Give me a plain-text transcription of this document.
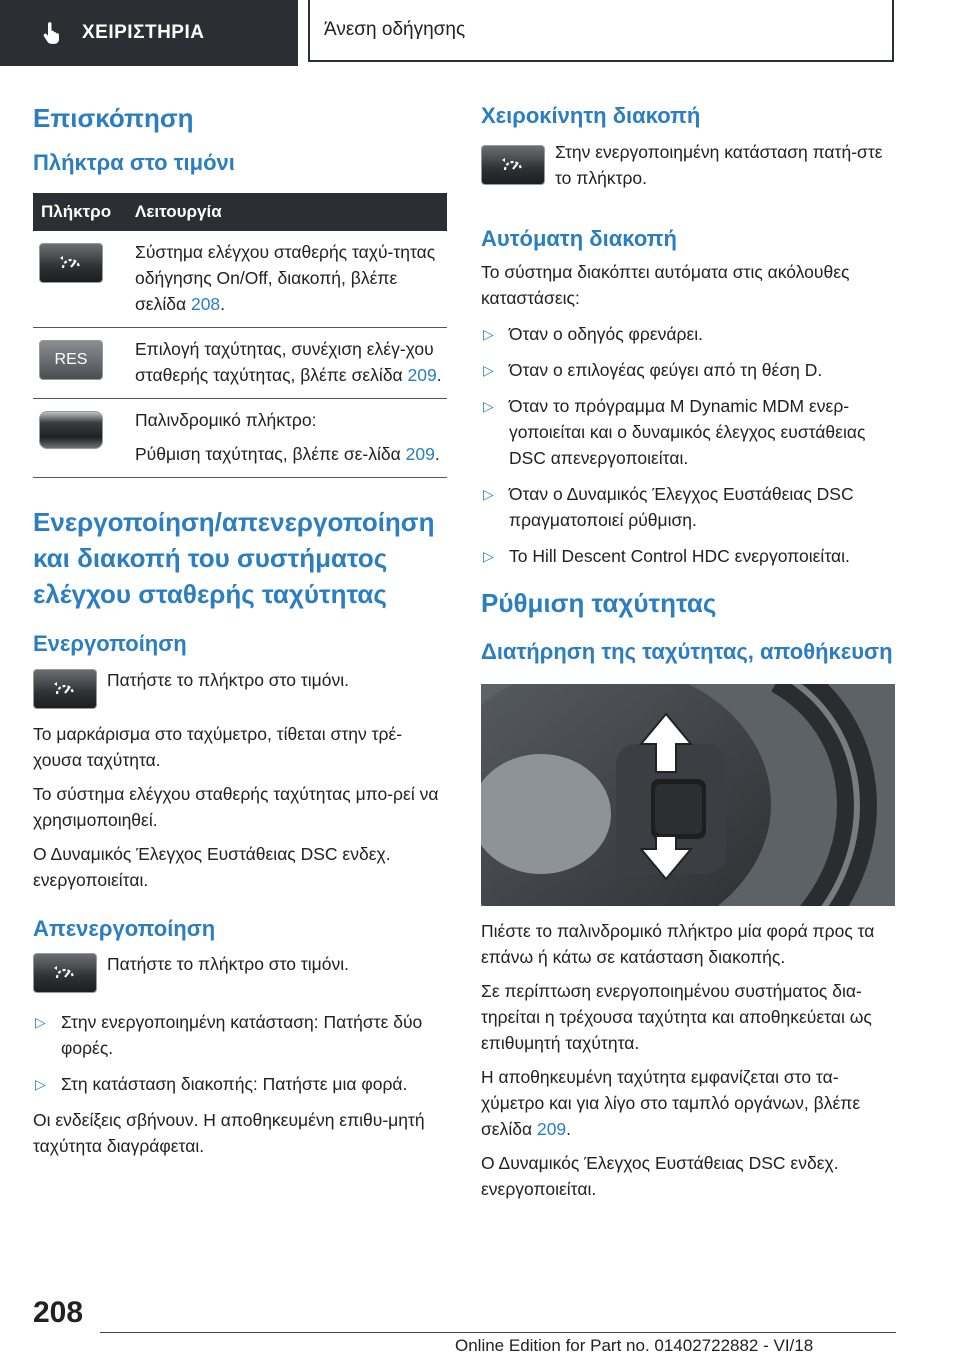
ΧΕΙΡΙΣΤΗΡΙΑ	Άνεση οδήγησης
Επισκόπηση
Πλήκτρα στο τιμόνι
Πλήκτρο	Λειτουργία

	Σύστημα ελέγχου σταθερής ταχύ-τητας οδήγησης On/Off, διακοπή, βλέπε σελίδα 208.

RES	Επιλογή ταχύτητας, συνέχιση ελέγ-χου σταθερής ταχύτητας, βλέπε σελίδα 209.

	Παλινδρομικό πλήκτρο:
Ρύθμιση ταχύτητας, βλέπε σε-λίδα 209.
Ενεργοποίηση/απενεργοποίηση και διακοπή του συστήματος ελέγχου σταθερής ταχύτητας
Ενεργοποίηση

Πατήστε το πλήκτρο στο τιμόνι.

Το μαρκάρισμα στο ταχύμετρο, τίθεται στην τρέ-χουσα ταχύτητα.

Το σύστημα ελέγχου σταθερής ταχύτητας μπο-ρεί να χρησιμοποιηθεί.

Ο Δυναμικός Έλεγχος Ευστάθειας DSC ενδεχ. ενεργοποιείται.

Απενεργοποίηση

Πατήστε το πλήκτρο στο τιμόνι.

▷ Στην ενεργοποιημένη κατάσταση: Πατήστε δύο φορές.
▷ Στη κατάσταση διακοπής: Πατήστε μια φορά.

Οι ενδείξεις σβήνουν. Η αποθηκευμένη επιθυ-μητή ταχύτητα διαγράφεται.

Χειροκίνητη διακοπή

Στην ενεργοποιημένη κατάσταση πατή-στε το πλήκτρο.

Αυτόματη διακοπή

Το σύστημα διακόπτει αυτόματα στις ακόλουθες καταστάσεις:

▷ Όταν ο οδηγός φρενάρει.
▷ Όταν ο επιλογέας φεύγει από τη θέση D.
▷ Όταν το πρόγραμμα M Dynamic MDM ενερ-γοποιείται και ο δυναμικός έλεγχος ευστάθειας DSC απενεργοποιείται.
▷ Όταν ο Δυναμικός Έλεγχος Ευστάθειας DSC πραγματοποιεί ρύθμιση.
▷ Το Hill Descent Control HDC ενεργοποιείται.
Ρύθμιση ταχύτητας
Διατήρηση της ταχύτητας, αποθήκευση

Πιέστε το παλινδρομικό πλήκτρο μία φορά προς τα επάνω ή κάτω σε κατάσταση διακοπής.

Σε περίπτωση ενεργοποιημένου συστήματος δια-τηρείται η τρέχουσα ταχύτητα και αποθηκεύεται ως επιθυμητή ταχύτητα.

Η αποθηκευμένη ταχύτητα εμφανίζεται στο τα-χύμετρο και για λίγο στο ταμπλό οργάνων, βλέπε σελίδα 209.

Ο Δυναμικός Έλεγχος Ευστάθειας DSC ενδεχ. ενεργοποιείται.

208
Online Edition for Part no. 01402722882 - VI/18
